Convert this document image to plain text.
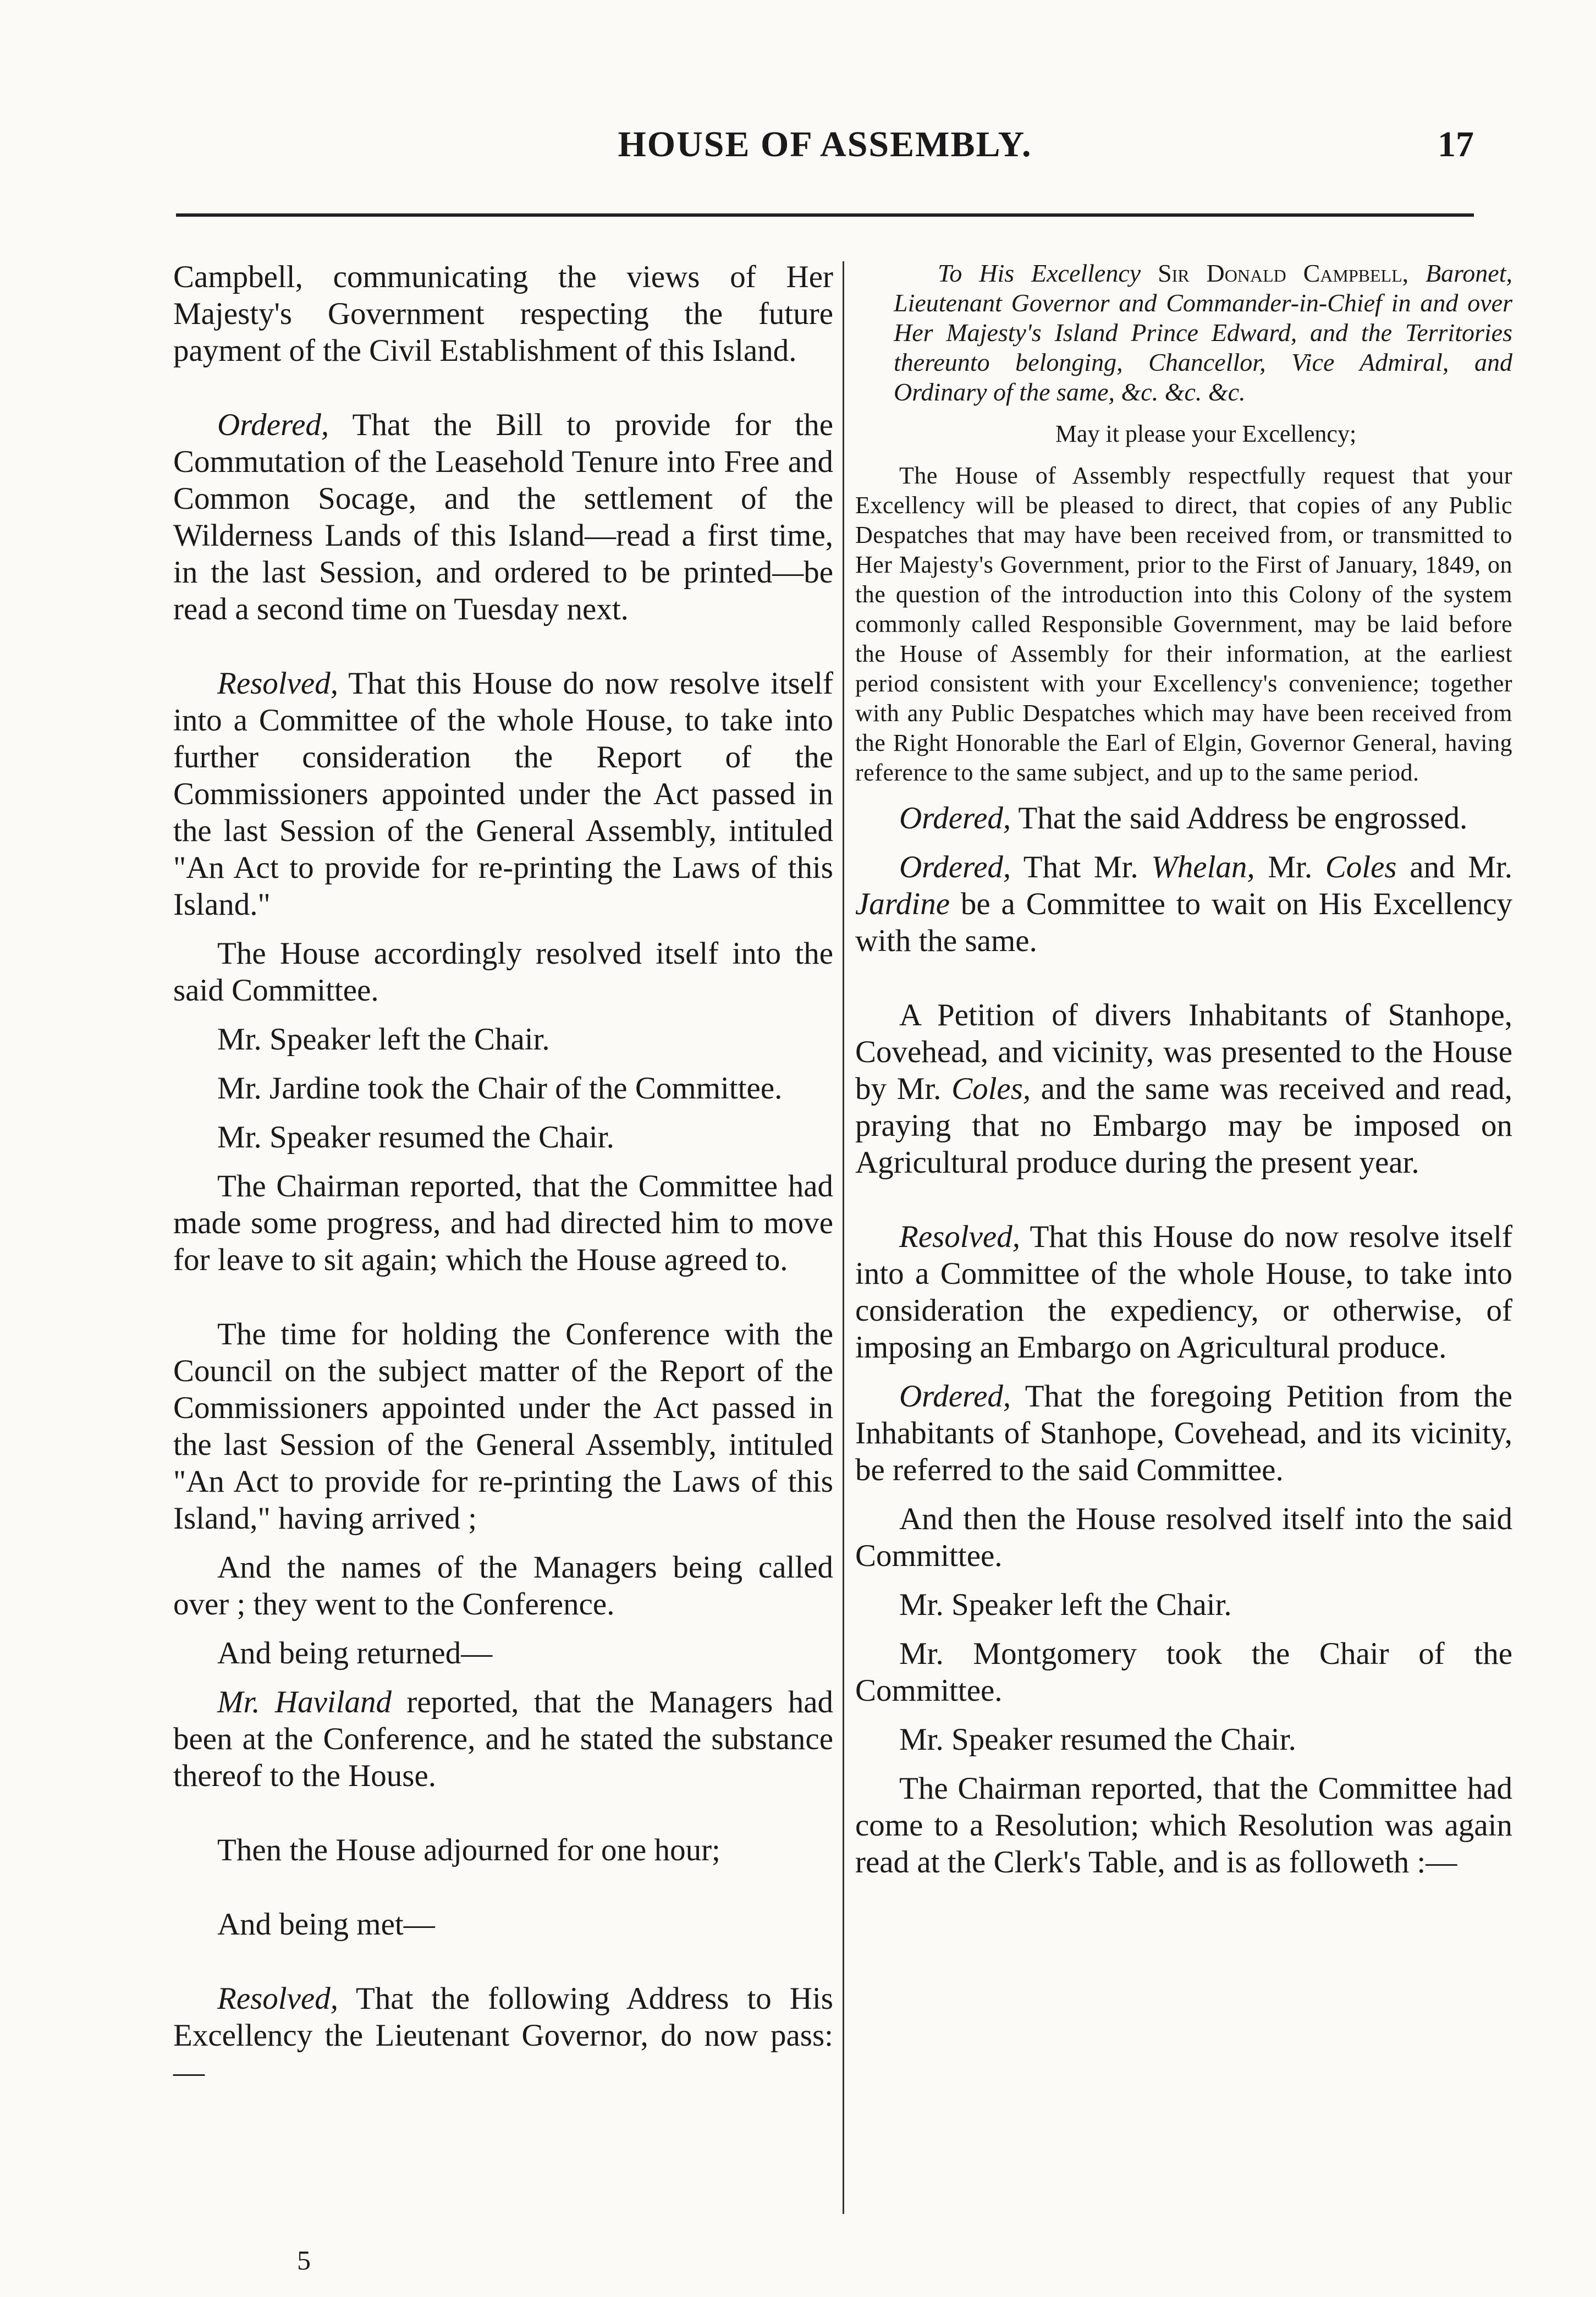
HOUSE OF ASSEMBLY.	17

Campbell, communicating the views of Her Majesty's Government respecting the future payment of the Civil Establishment of this Island.

Ordered, That the Bill to provide for the Commutation of the Leasehold Tenure into Free and Common Socage, and the settlement of the Wilderness Lands of this Island—read a first time, in the last Session, and ordered to be printed—be read a second time on Tuesday next.

Resolved, That this House do now resolve itself into a Committee of the whole House, to take into further consideration the Report of the Commissioners appointed under the Act passed in the last Session of the General Assembly, intituled "An Act to provide for re-printing the Laws of this Island."

The House accordingly resolved itself into the said Committee.

Mr. Speaker left the Chair.

Mr. Jardine took the Chair of the Committee.

Mr. Speaker resumed the Chair.

The Chairman reported, that the Committee had made some progress, and had directed him to move for leave to sit again; which the House agreed to.

The time for holding the Conference with the Council on the subject matter of the Report of the Commissioners appointed under the Act passed in the last Session of the General Assembly, intituled "An Act to provide for re-printing the Laws of this Island," having arrived ;

And the names of the Managers being called over ; they went to the Conference.

And being returned—

Mr. Haviland reported, that the Managers had been at the Conference, and he stated the substance thereof to the House.

Then the House adjourned for one hour;

And being met—

Resolved, That the following Address to His Excellency the Lieutenant Governor, do now pass:—

To His Excellency Sir Donald Campbell, Baronet, Lieutenant Governor and Commander-in-Chief in and over Her Majesty's Island Prince Edward, and the Territories thereunto belonging, Chancellor, Vice Admiral, and Ordinary of the same, &c. &c. &c.

May it please your Excellency;

The House of Assembly respectfully request that your Excellency will be pleased to direct, that copies of any Public Despatches that may have been received from, or transmitted to Her Majesty's Government, prior to the First of January, 1849, on the question of the introduction into this Colony of the system commonly called Responsible Government, may be laid before the House of Assembly for their information, at the earliest period consistent with your Excellency's convenience; together with any Public Despatches which may have been received from the Right Honorable the Earl of Elgin, Governor General, having reference to the same subject, and up to the same period.

Ordered, That the said Address be engrossed.

Ordered, That Mr. Whelan, Mr. Coles and Mr. Jardine be a Committee to wait on His Excellency with the same.

A Petition of divers Inhabitants of Stanhope, Covehead, and vicinity, was presented to the House by Mr. Coles, and the same was received and read, praying that no Embargo may be imposed on Agricultural produce during the present year.

Resolved, That this House do now resolve itself into a Committee of the whole House, to take into consideration the expediency, or otherwise, of imposing an Embargo on Agricultural produce.

Ordered, That the foregoing Petition from the Inhabitants of Stanhope, Covehead, and its vicinity, be referred to the said Committee.

And then the House resolved itself into the said Committee.

Mr. Speaker left the Chair.

Mr. Montgomery took the Chair of the Committee.

Mr. Speaker resumed the Chair.

The Chairman reported, that the Committee had come to a Resolution; which Resolution was again read at the Clerk's Table, and is as followeth :—

5
